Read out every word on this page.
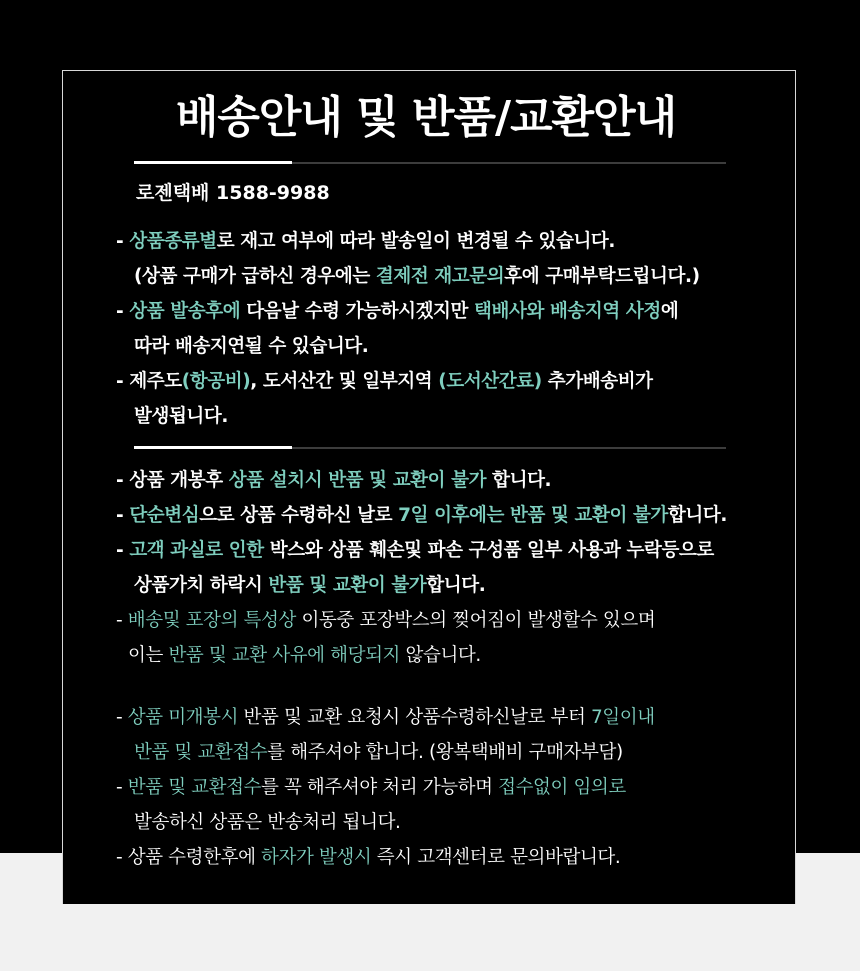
배송안내 및 반품/교환안내
로젠택배 1588-9988
- 상품종류별로 재고 여부에 따라 발송일이 변경될 수 있습니다.
(상품 구매가 급하신 경우에는 결제전 재고문의후에 구매부탁드립니다.)
- 상품 발송후에 다음날 수령 가능하시겠지만 택배사와 배송지역 사정에
따라 배송지연될 수 있습니다.
- 제주도(항공비), 도서산간 및 일부지역 (도서산간료) 추가배송비가
발생됩니다.
- 상품 개봉후 상품 설치시 반품 및 교환이 불가 합니다.
- 단순변심으로 상품 수령하신 날로 7일 이후에는 반품 및 교환이 불가합니다.
- 고객 과실로 인한 박스와 상품 훼손및 파손 구성품 일부 사용과 누락등으로
상품가치 하락시 반품 및 교환이 불가합니다.
- 배송및 포장의 특성상 이동중 포장박스의 찢어짐이 발생할수 있으며
이는 반품 및 교환 사유에 해당되지 않습니다.
- 상품 미개봉시 반품 및 교환 요청시 상품수령하신날로 부터 7일이내
반품 및 교환접수를 해주셔야 합니다. (왕복택배비 구매자부담)
- 반품 및 교환접수를 꼭 해주셔야 처리 가능하며 접수없이 임의로
발송하신 상품은 반송처리 됩니다.
- 상품 수령한후에 하자가 발생시 즉시 고객센터로 문의바랍니다.
